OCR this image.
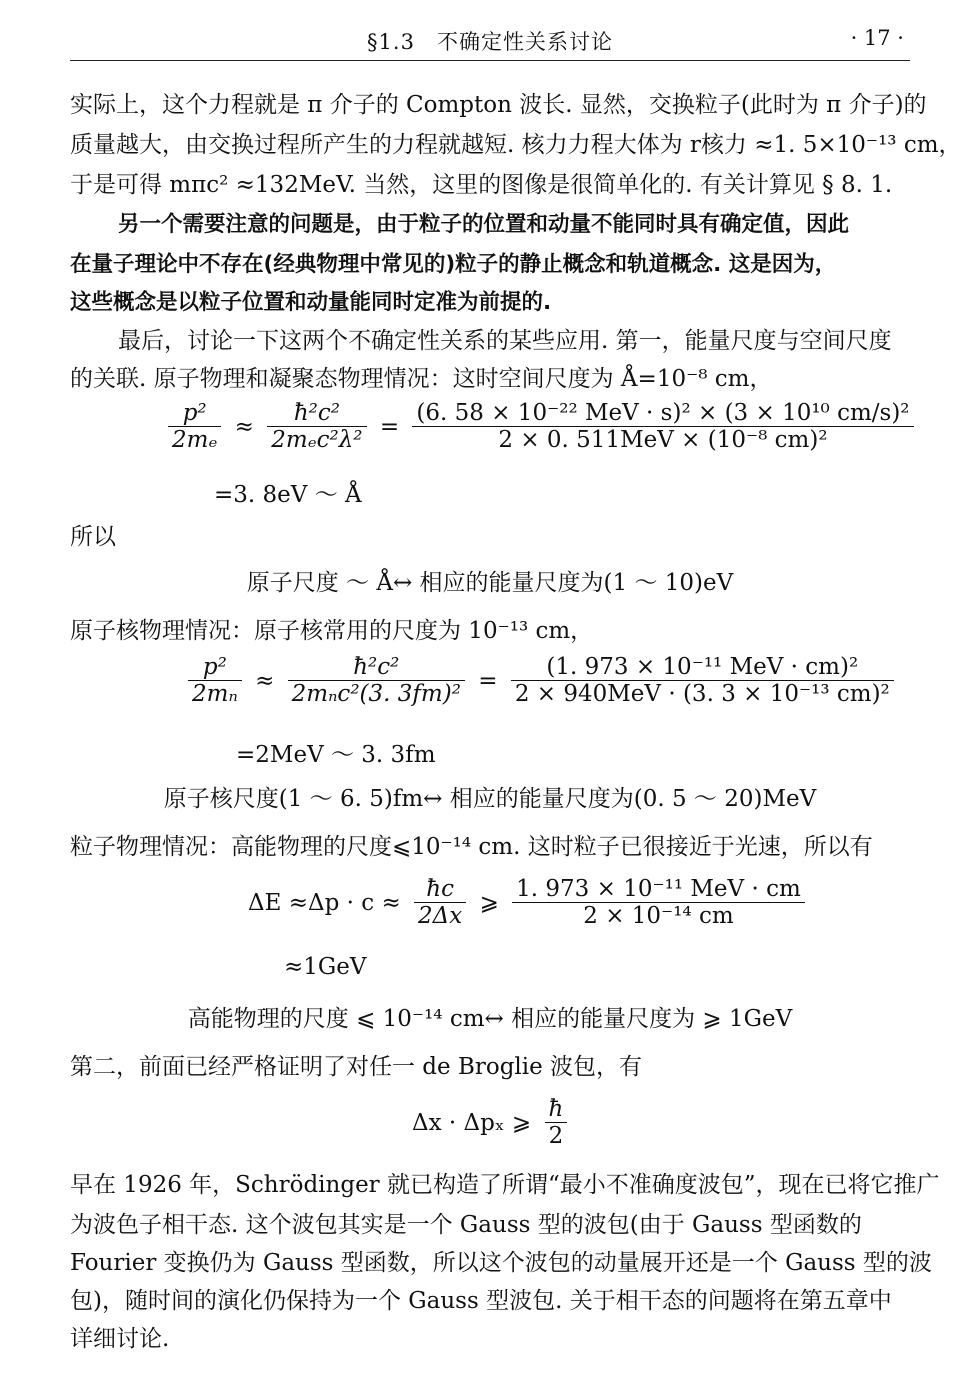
§1.3　不确定性关系讨论	· 17 ·
实际上，这个力程就是 π 介子的 Compton 波长. 显然，交换粒子(此时为 π 介子)的
质量越大，由交换过程所产生的力程就越短. 核力力程大体为 r核力 ≈1. 5×10⁻¹³ cm，
于是可得 mπc² ≈132MeV. 当然，这里的图像是很简单化的. 有关计算见 § 8. 1.
另一个需要注意的问题是，由于粒子的位置和动量不能同时具有确定值，因此
在量子理论中不存在(经典物理中常见的)粒子的静止概念和轨道概念. 这是因为，
这些概念是以粒子位置和动量能同时定准为前提的.
最后，讨论一下这两个不确定性关系的某些应用. 第一，能量尺度与空间尺度
的关联. 原子物理和凝聚态物理情况：这时空间尺度为 Å=10⁻⁸ cm，
$\frac{\text{p²}}{\text{2mₑ}} \approx \frac{\text{ħ²c²}}{\text{2mₑc²λ²}} = \frac{\text{(6. 58 × 10⁻²² MeV · s)² × (3 × 10¹⁰ cm/s)²}}{\text{2 × 0. 511MeV × (10⁻⁸ cm)²}}$
=3. 8eV ～ Å
所以
原子尺度 ～ Å↔ 相应的能量尺度为(1 ～ 10)eV
原子核物理情况：原子核常用的尺度为 10⁻¹³ cm，
$\frac{\text{p²}}{\text{2mₙ}} \approx \frac{\text{ħ²c²}}{\text{2mₙc²(3. 3fm)²}} = \frac{\text{(1. 973 × 10⁻¹¹ MeV · cm)²}}{\text{2 × 940MeV · (3. 3 × 10⁻¹³ cm)²}}$
=2MeV ～ 3. 3fm
原子核尺度(1 ～ 6. 5)fm↔ 相应的能量尺度为(0. 5 ～ 20)MeV
粒子物理情况：高能物理的尺度⩽10⁻¹⁴ cm. 这时粒子已很接近于光速，所以有
$\Delta E \approx\Delta p \cdot c \approx \frac{ħc}{2\Delta x}$ ⩾ $\frac{\text{1. 973 × 10⁻¹¹ MeV · cm}}{\text{2 × 10⁻¹⁴ cm}}$
≈1GeV
高能物理的尺度 ⩽ 10⁻¹⁴ cm↔ 相应的能量尺度为 ⩾ 1GeV
第二，前面已经严格证明了对任一 de Broglie 波包，有
Δx · Δpₓ ⩾ $\frac{ħ}{2}$
早在 1926 年，Schrödinger 就已构造了所谓“最小不准确度波包”，现在已将它推广
为波色子相干态. 这个波包其实是一个 Gauss 型的波包(由于 Gauss 型函数的
Fourier 变换仍为 Gauss 型函数，所以这个波包的动量展开还是一个 Gauss 型的波
包)，随时间的演化仍保持为一个 Gauss 型波包. 关于相干态的问题将在第五章中
详细讨论.
